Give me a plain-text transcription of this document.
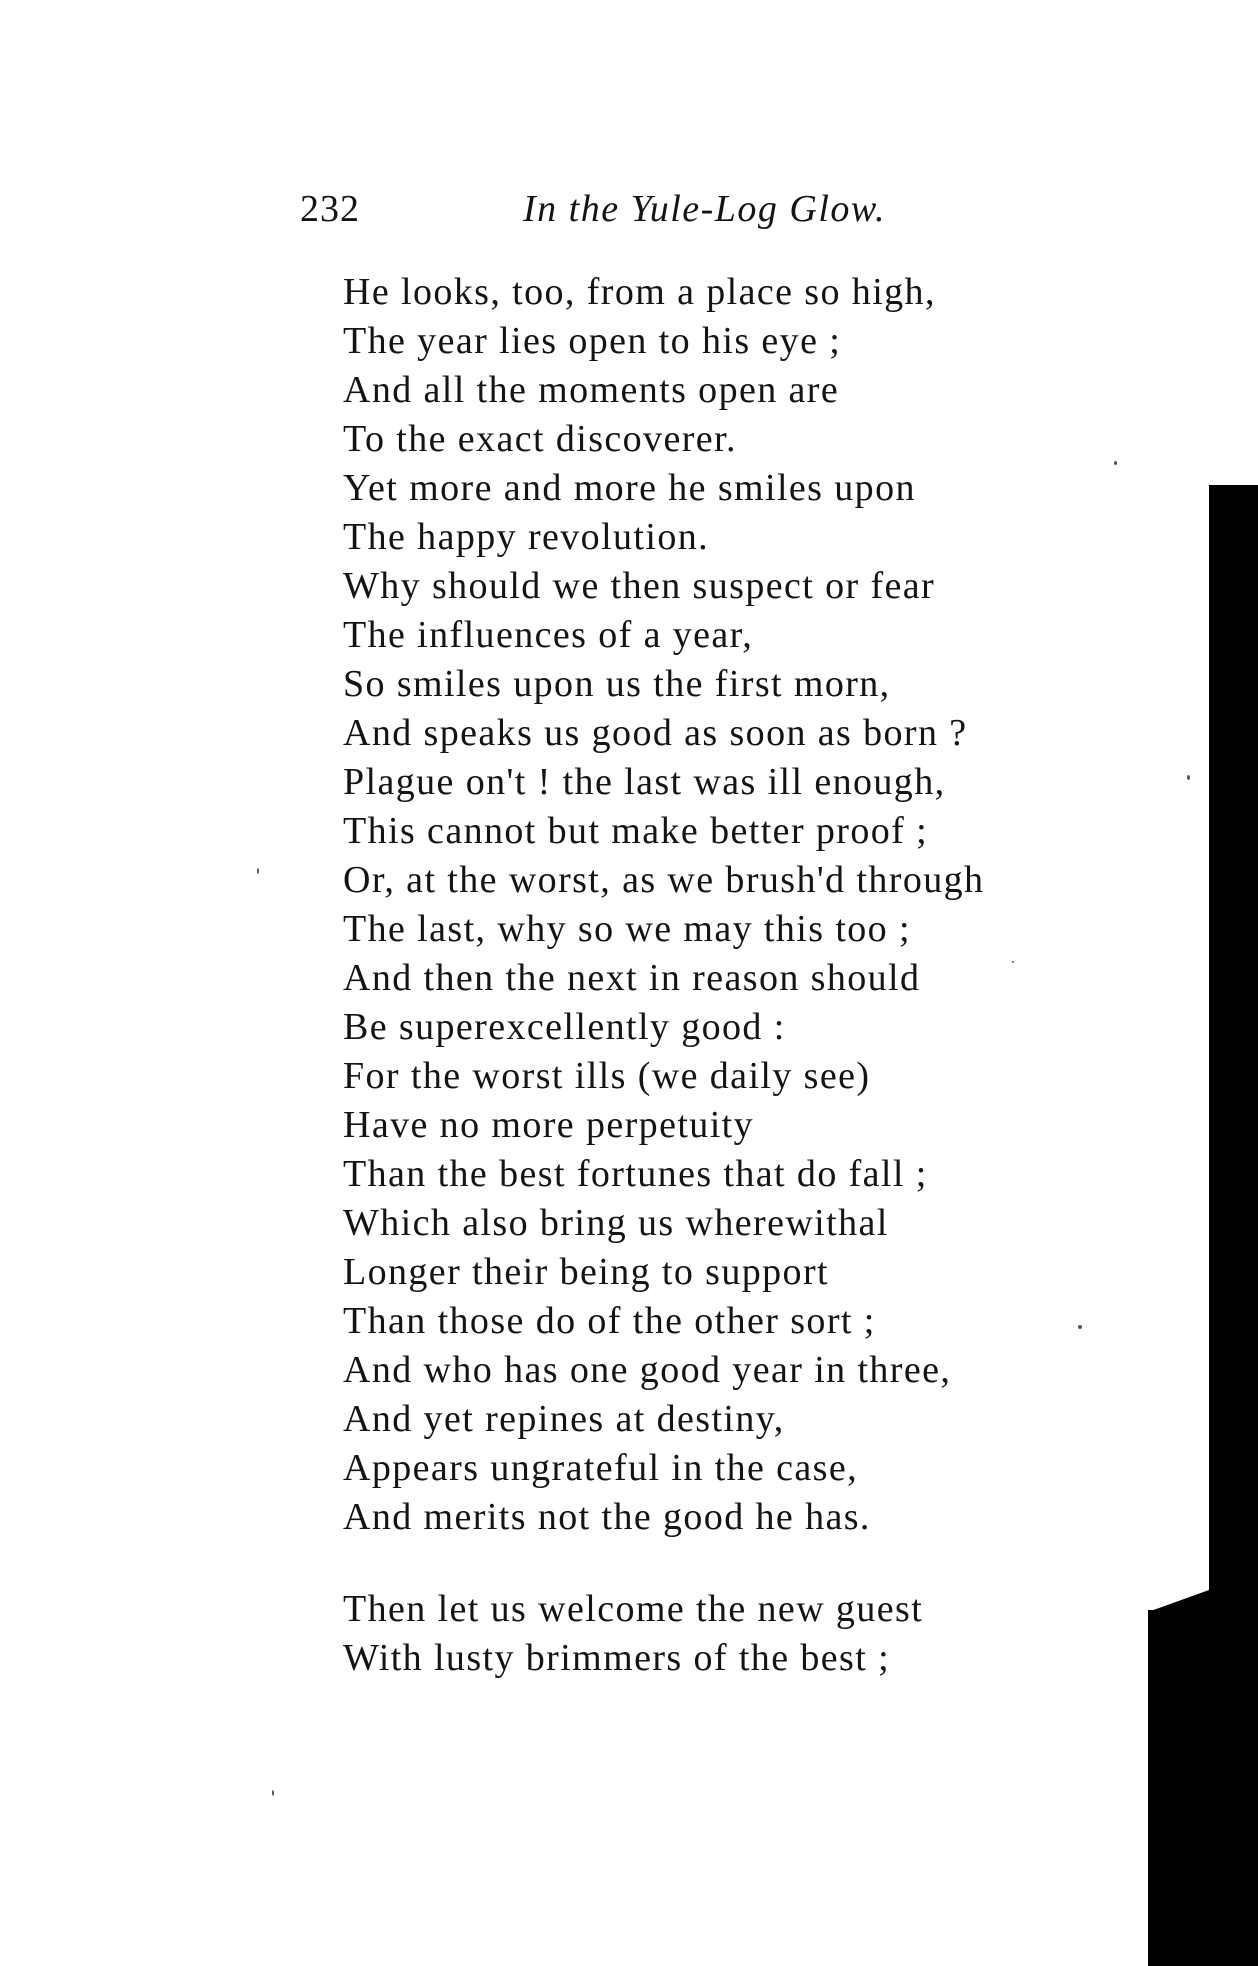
232	In the Yule-Log Glow.
He looks, too, from a place so high,
The year lies open to his eye ;
And all the moments open are
To the exact discoverer.
Yet more and more he smiles upon
The happy revolution.
Why should we then suspect or fear
The influences of a year,
So smiles upon us the first morn,
And speaks us good as soon as born ?
Plague on't ! the last was ill enough,
This cannot but make better proof ;
Or, at the worst, as we brush'd through
The last, why so we may this too ;
And then the next in reason should
Be superexcellently good :
For the worst ills (we daily see)
Have no more perpetuity
Than the best fortunes that do fall ;
Which also bring us wherewithal
Longer their being to support
Than those do of the other sort ;
And who has one good year in three,
And yet repines at destiny,
Appears ungrateful in the case,
And merits not the good he has.
Then let us welcome the new guest
With lusty brimmers of the best ;
